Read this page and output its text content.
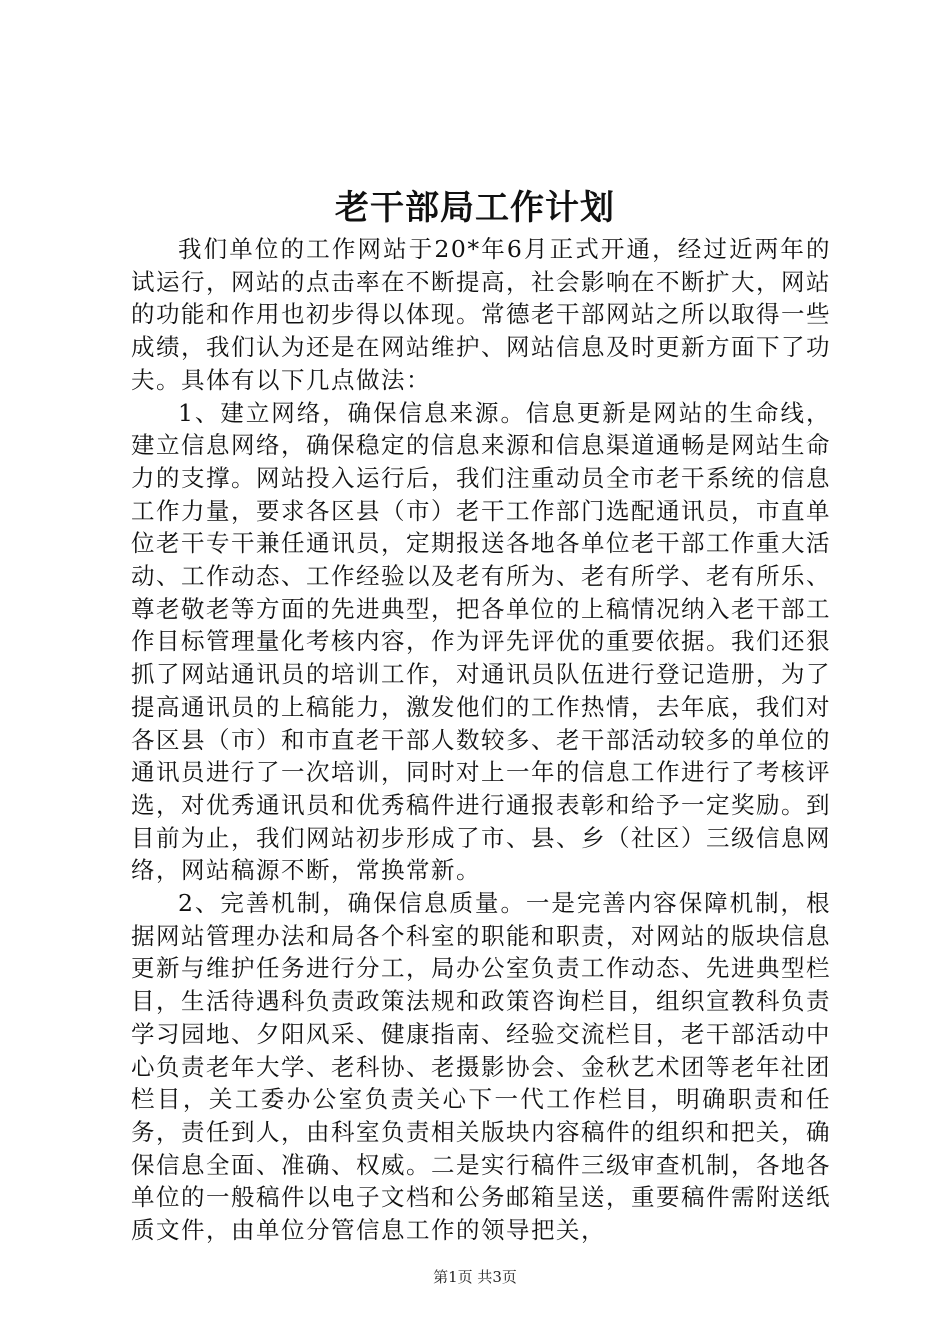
老干部局工作计划

我们单位的工作网站于20*年6月正式开通，经过近两年的试运行，网站的点击率在不断提高，社会影响在不断扩大，网站的功能和作用也初步得以体现。常德老干部网站之所以取得一些成绩，我们认为还是在网站维护、网站信息及时更新方面下了功夫。具体有以下几点做法：

1、建立网络，确保信息来源。信息更新是网站的生命线，建立信息网络，确保稳定的信息来源和信息渠道通畅是网站生命力的支撑。网站投入运行后，我们注重动员全市老干系统的信息工作力量，要求各区县（市）老干工作部门选配通讯员，市直单位老干专干兼任通讯员，定期报送各地各单位老干部工作重大活动、工作动态、工作经验以及老有所为、老有所学、老有所乐、尊老敬老等方面的先进典型，把各单位的上稿情况纳入老干部工作目标管理量化考核内容，作为评先评优的重要依据。我们还狠抓了网站通讯员的培训工作，对通讯员队伍进行登记造册，为了提高通讯员的上稿能力，激发他们的工作热情，去年底，我们对各区县（市）和市直老干部人数较多、老干部活动较多的单位的通讯员进行了一次培训，同时对上一年的信息工作进行了考核评选，对优秀通讯员和优秀稿件进行通报表彰和给予一定奖励。到目前为止，我们网站初步形成了市、县、乡（社区）三级信息网络，网站稿源不断，常换常新。

2、完善机制，确保信息质量。一是完善内容保障机制，根据网站管理办法和局各个科室的职能和职责，对网站的版块信息更新与维护任务进行分工，局办公室负责工作动态、先进典型栏目，生活待遇科负责政策法规和政策咨询栏目，组织宣教科负责学习园地、夕阳风采、健康指南、经验交流栏目，老干部活动中心负责老年大学、老科协、老摄影协会、金秋艺术团等老年社团栏目，关工委办公室负责关心下一代工作栏目，明确职责和任务，责任到人，由科室负责相关版块内容稿件的组织和把关，确保信息全面、准确、权威。二是实行稿件三级审查机制，各地各单位的一般稿件以电子文档和公务邮箱呈送，重要稿件需附送纸质文件，由单位分管信息工作的领导把关，

第1页 共3页
